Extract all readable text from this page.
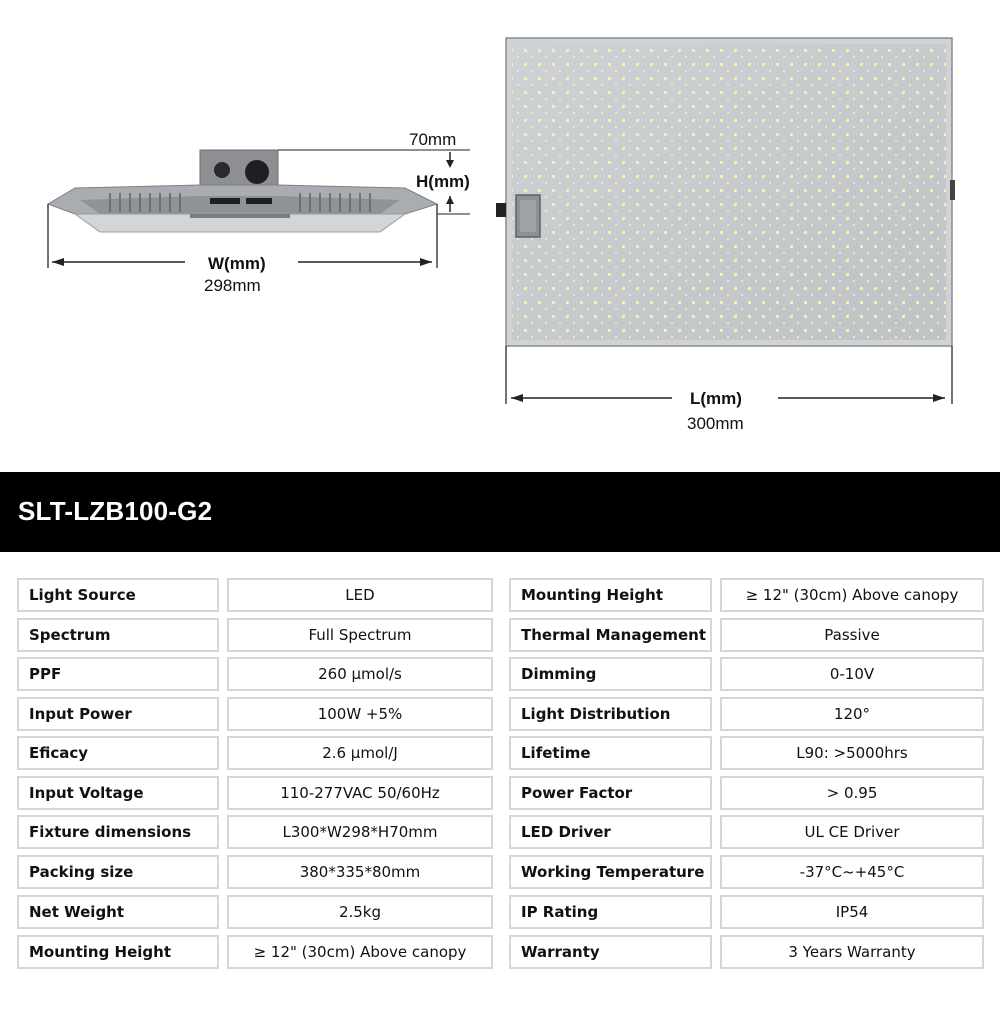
70mm
H(mm)
W(mm)
298mm
L(mm)
300mm
SLT-LZB100-G2
Light Source	LED
Spectrum	Full Spectrum
PPF	260 µmol/s
Input Power	100W +5%
Eficacy	2.6 µmol/J
Input Voltage	110-277VAC 50/60Hz
Fixture dimensions	L300*W298*H70mm
Packing size	380*335*80mm
Net Weight	2.5kg
Mounting Height	≥ 12" (30cm) Above canopy
Mounting Height	≥ 12" (30cm) Above canopy
Thermal Management	Passive
Dimming	0-10V
Light Distribution	120°
Lifetime	L90: >5000hrs
Power Factor	> 0.95
LED Driver	UL CE Driver
Working Temperature	-37°C~+45°C
IP Rating	IP54
Warranty	3 Years Warranty
